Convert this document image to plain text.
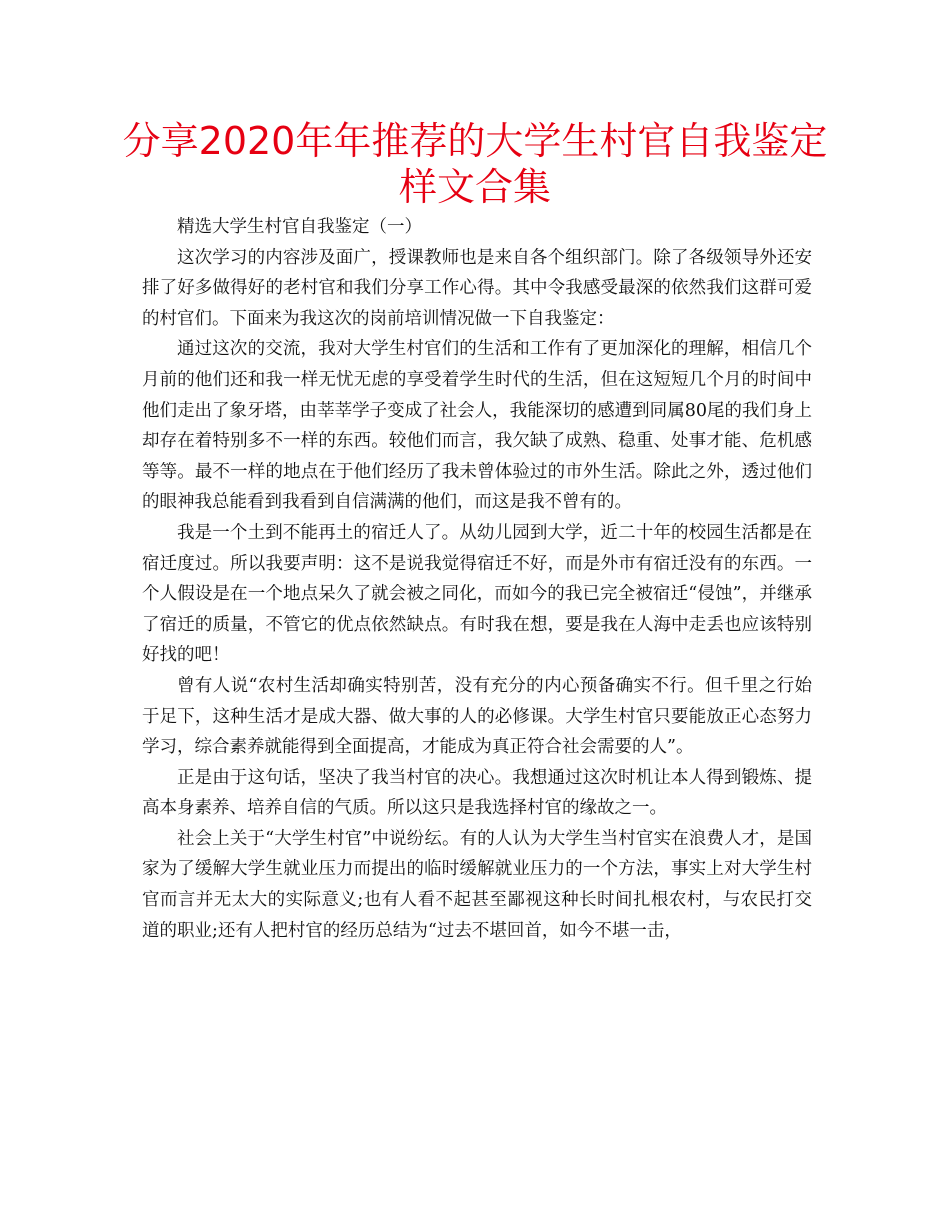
分享2020年年推荐的大学生村官自我鉴定样文合集

精选大学生村官自我鉴定（一）

这次学习的内容涉及面广，授课教师也是来自各个组织部门。除了各级领导外还安排了好多做得好的老村官和我们分享工作心得。其中令我感受最深的依然我们这群可爱的村官们。下面来为我这次的岗前培训情况做一下自我鉴定：

通过这次的交流，我对大学生村官们的生活和工作有了更加深化的理解，相信几个月前的他们还和我一样无忧无虑的享受着学生时代的生活，但在这短短几个月的时间中他们走出了象牙塔，由莘莘学子变成了社会人，我能深切的感遭到同属80尾的我们身上却存在着特别多不一样的东西。较他们而言，我欠缺了成熟、稳重、处事才能、危机感等等。最不一样的地点在于他们经历了我未曾体验过的市外生活。除此之外，透过他们的眼神我总能看到我看到自信满满的他们，而这是我不曾有的。

我是一个土到不能再土的宿迁人了。从幼儿园到大学，近二十年的校园生活都是在宿迁度过。所以我要声明：这不是说我觉得宿迁不好，而是外市有宿迁没有的东西。一个人假设是在一个地点呆久了就会被之同化，而如今的我已完全被宿迁“侵蚀”，并继承了宿迁的质量，不管它的优点依然缺点。有时我在想，要是我在人海中走丢也应该特别好找的吧！

曾有人说“农村生活却确实特别苦，没有充分的内心预备确实不行。但千里之行始于足下，这种生活才是成大器、做大事的人的必修课。大学生村官只要能放正心态努力学习，综合素养就能得到全面提高，才能成为真正符合社会需要的人”。

正是由于这句话，坚决了我当村官的决心。我想通过这次时机让本人得到锻炼、提高本身素养、培养自信的气质。所以这只是我选择村官的缘故之一。

社会上关于“大学生村官”中说纷纭。有的人认为大学生当村官实在浪费人才，是国家为了缓解大学生就业压力而提出的临时缓解就业压力的一个方法，事实上对大学生村官而言并无太大的实际意义;也有人看不起甚至鄙视这种长时间扎根农村，与农民打交道的职业;还有人把村官的经历总结为“过去不堪回首，如今不堪一击，
